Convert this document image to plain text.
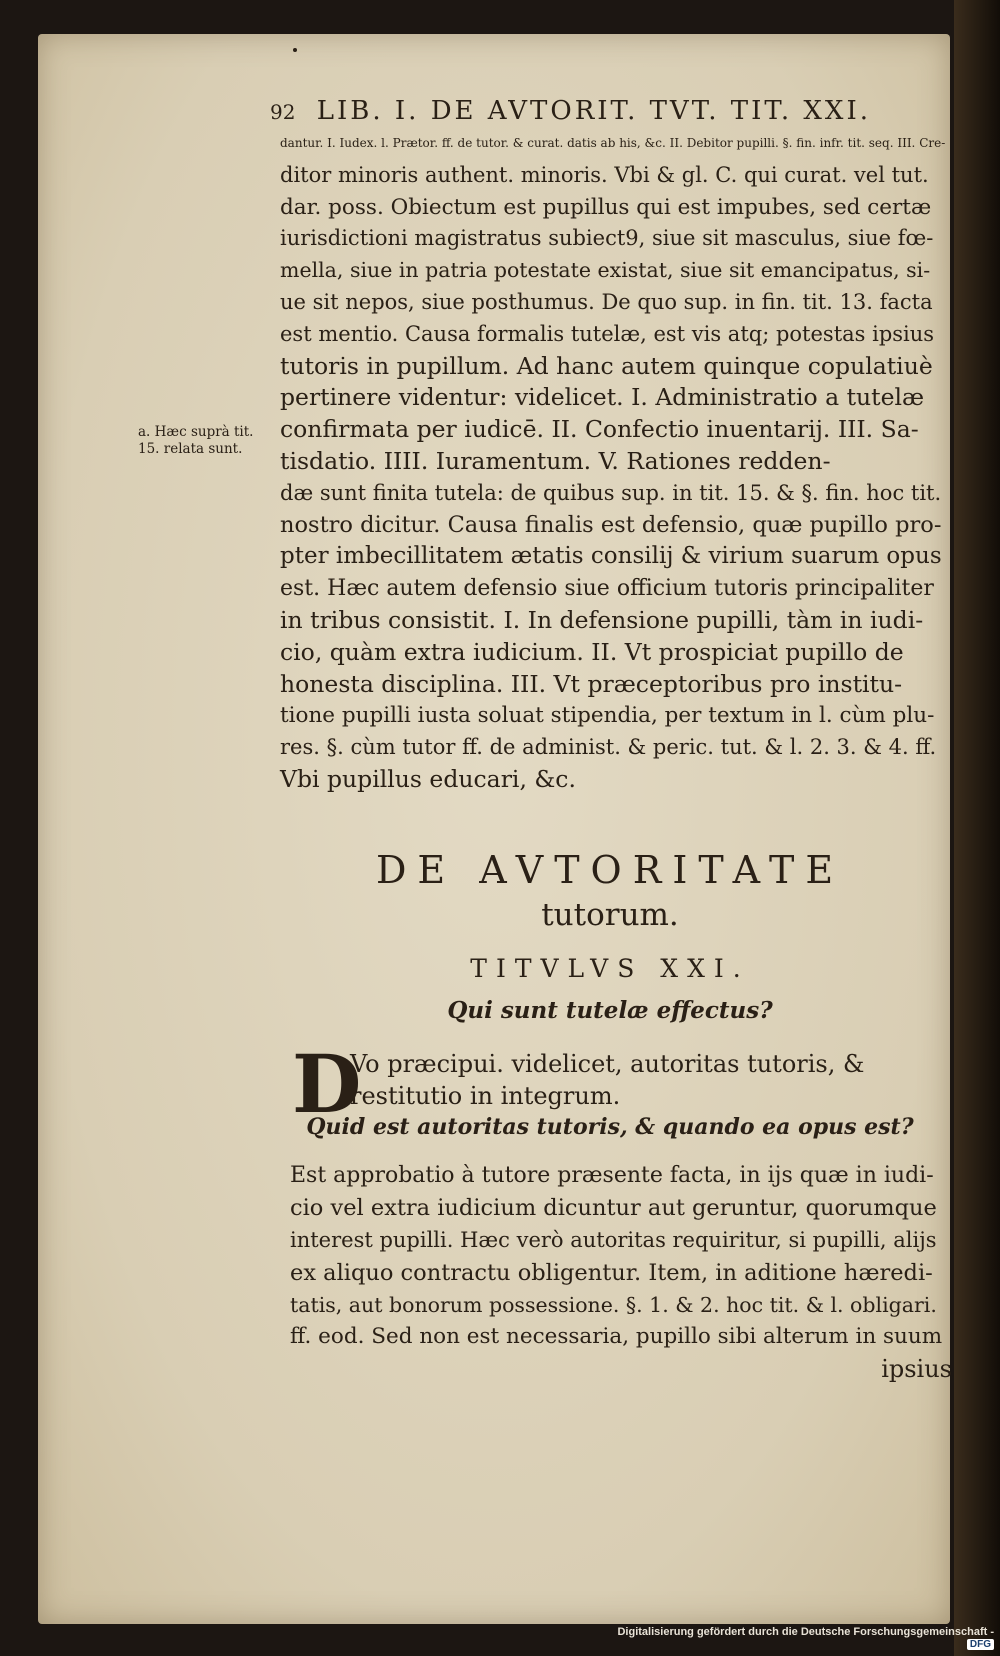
92 LIB. I. DE AVTORIT. TVT. TIT. XXI.
a. Hæc suprà tit. 15. relata sunt.
dantur. I. Iudex. l. Prætor. ff. de tutor. & curat. datis ab his, &c. II. Debitor pupilli. §. fin. infr. tit. seq. III. Cre-
ditor minoris authent. minoris. Vbi & gl. C. qui curat. vel tut.
dar. poss. Obiectum est pupillus qui est impubes, sed certæ
iurisdictioni magistratus subiect9, siue sit masculus, siue fœ-
mella, siue in patria potestate existat, siue sit emancipatus, si-
ue sit nepos, siue posthumus. De quo sup. in fin. tit. 13. facta
est mentio. Causa formalis tutelæ, est vis atq; potestas ipsius
tutoris in pupillum. Ad hanc autem quinque copulatiuè
pertinere videntur: videlicet. I. Administratio a tutelæ
confirmata per iudicē. II. Confectio inuentarij. III. Sa-
tisdatio. IIII. Iuramentum. V. Rationes redden-
dæ sunt finita tutela: de quibus sup. in tit. 15. & §. fin. hoc tit.
nostro dicitur. Causa finalis est defensio, quæ pupillo pro-
pter imbecillitatem ætatis consilij & virium suarum opus
est. Hæc autem defensio siue officium tutoris principaliter
in tribus consistit. I. In defensione pupilli, tàm in iudi-
cio, quàm extra iudicium. II. Vt prospiciat pupillo de
honesta disciplina. III. Vt præceptoribus pro institu-
tione pupilli iusta soluat stipendia, per textum in l. cùm plu-
res. §. cùm tutor ff. de administ. & peric. tut. & l. 2. 3. & 4. ff.
Vbi pupillus educari, &c.
DE AVTORITATE
tutorum.
TITVLVS XXI.
Qui sunt tutelæ effectus?
D
Vo præcipui. videlicet, autoritas tutoris, & restitutio in integrum.
Quid est autoritas tutoris, & quando ea opus est?
Est approbatio à tutore præsente facta, in ijs quæ in iudi-
cio vel extra iudicium dicuntur aut geruntur, quorumque
interest pupilli. Hæc verò autoritas requiritur, si pupilli, alijs
ex aliquo contractu obligentur. Item, in aditione hæredi-
tatis, aut bonorum possessione. §. 1. & 2. hoc tit. & l. obligari.
ff. eod. Sed non est necessaria, pupillo sibi alterum in suum
ipsius
Digitalisierung gefördert durch die Deutsche Forschungsgemeinschaft -DFG
